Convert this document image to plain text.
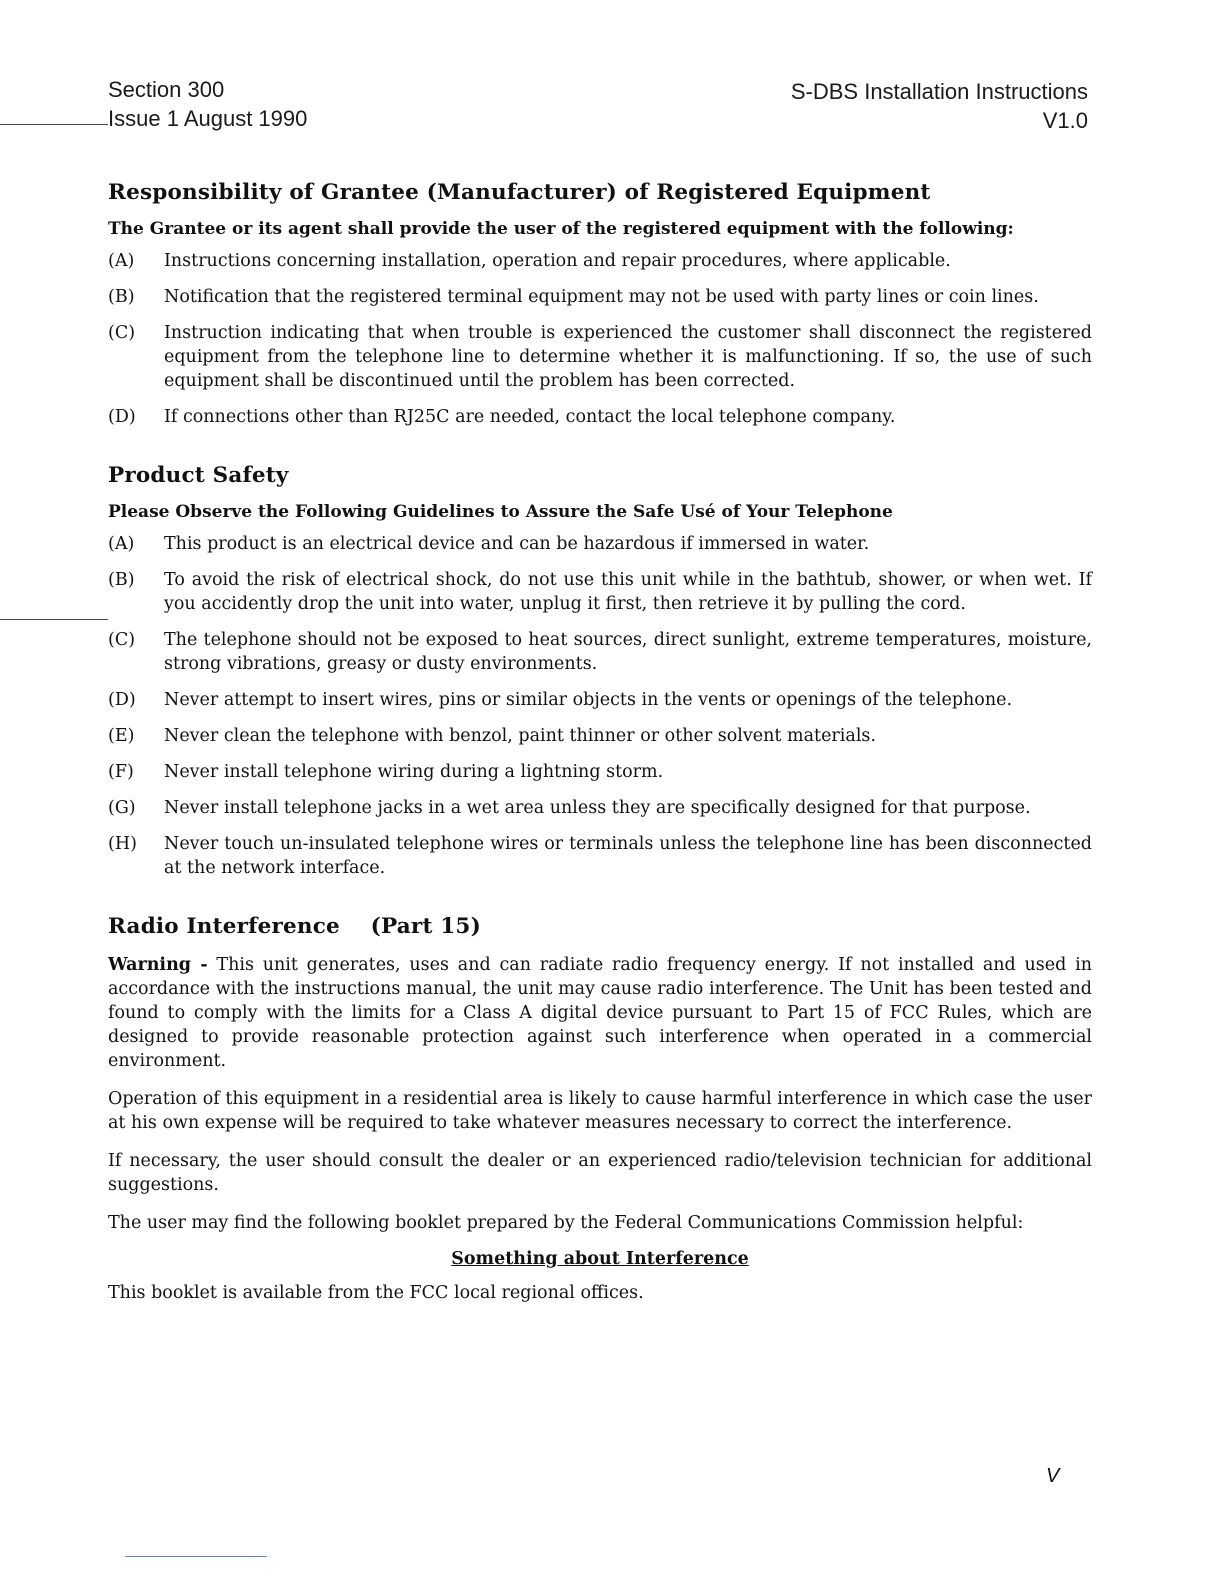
Section 300
Issue 1 August 1990
S-DBS Installation Instructions
V1.0
Responsibility of Grantee (Manufacturer) of Registered Equipment
The Grantee or its agent shall provide the user of the registered equipment with the following:
(A) Instructions concerning installation, operation and repair procedures, where applicable.
(B) Notification that the registered terminal equipment may not be used with party lines or coin lines.
(C) Instruction indicating that when trouble is experienced the customer shall disconnect the registered equipment from the telephone line to determine whether it is malfunctioning. If so, the use of such equipment shall be discontinued until the problem has been corrected.
(D) If connections other than RJ25C are needed, contact the local telephone company.
Product Safety
Please Observe the Following Guidelines to Assure the Safe Usé of Your Telephone
(A) This product is an electrical device and can be hazardous if immersed in water.
(B) To avoid the risk of electrical shock, do not use this unit while in the bathtub, shower, or when wet. If you accidently drop the unit into water, unplug it first, then retrieve it by pulling the cord.
(C) The telephone should not be exposed to heat sources, direct sunlight, extreme temperatures, moisture, strong vibrations, greasy or dusty environments.
(D) Never attempt to insert wires, pins or similar objects in the vents or openings of the telephone.
(E) Never clean the telephone with benzol, paint thinner or other solvent materials.
(F) Never install telephone wiring during a lightning storm.
(G) Never install telephone jacks in a wet area unless they are specifically designed for that purpose.
(H) Never touch un-insulated telephone wires or terminals unless the telephone line has been disconnected at the network interface.
Radio Interference (Part 15)

Warning - This unit generates, uses and can radiate radio frequency energy. If not installed and used in accordance with the instructions manual, the unit may cause radio interference. The Unit has been tested and found to comply with the limits for a Class A digital device pursuant to Part 15 of FCC Rules, which are designed to provide reasonable protection against such interference when operated in a commercial environment.

Operation of this equipment in a residential area is likely to cause harmful interference in which case the user at his own expense will be required to take whatever measures necessary to correct the interference.

If necessary, the user should consult the dealer or an experienced radio/television technician for additional suggestions.

The user may find the following booklet prepared by the Federal Communications Commission helpful:

Something about Interference

This booklet is available from the FCC local regional offices.

V
